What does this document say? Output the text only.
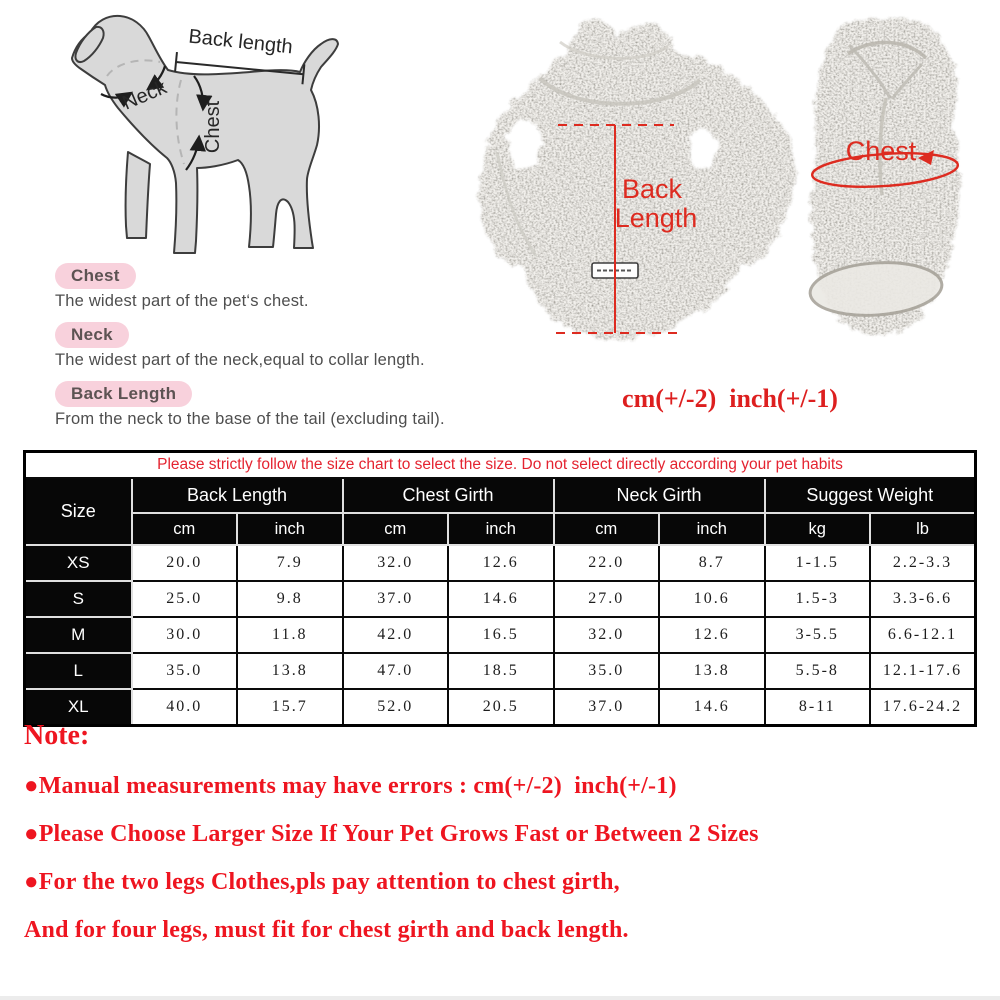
Back length
Neck
Chest
Back
Length
Chest
Chest
The widest part of the pet‘s chest.
Neck
The widest part of the neck,equal to collar length.
Back Length
From the neck to the base of the tail (excluding tail).
cm(+/-2)  inch(+/-1)
Please strictly follow the size chart to select the size. Do not select directly according your pet habits								
Size	Back Length		Chest Girth		Neck Girth		Suggest Weight	
	cm	inch	cm	inch	cm	inch	kg	lb
XS	20.0	7.9	32.0	12.6	22.0	8.7	1-1.5	2.2-3.3
S	25.0	9.8	37.0	14.6	27.0	10.6	1.5-3	3.3-6.6
M	30.0	11.8	42.0	16.5	32.0	12.6	3-5.5	6.6-12.1
L	35.0	13.8	47.0	18.5	35.0	13.8	5.5-8	12.1-17.6
XL	40.0	15.7	52.0	20.5	37.0	14.6	8-11	17.6-24.2
Note:
●Manual measurements may have errors : cm(+/-2)  inch(+/-1)
●Please Choose Larger Size If Your Pet Grows Fast or Between 2 Sizes
●For the two legs Clothes,pls pay attention to chest girth,
And for four legs, must fit for chest girth and back length.
